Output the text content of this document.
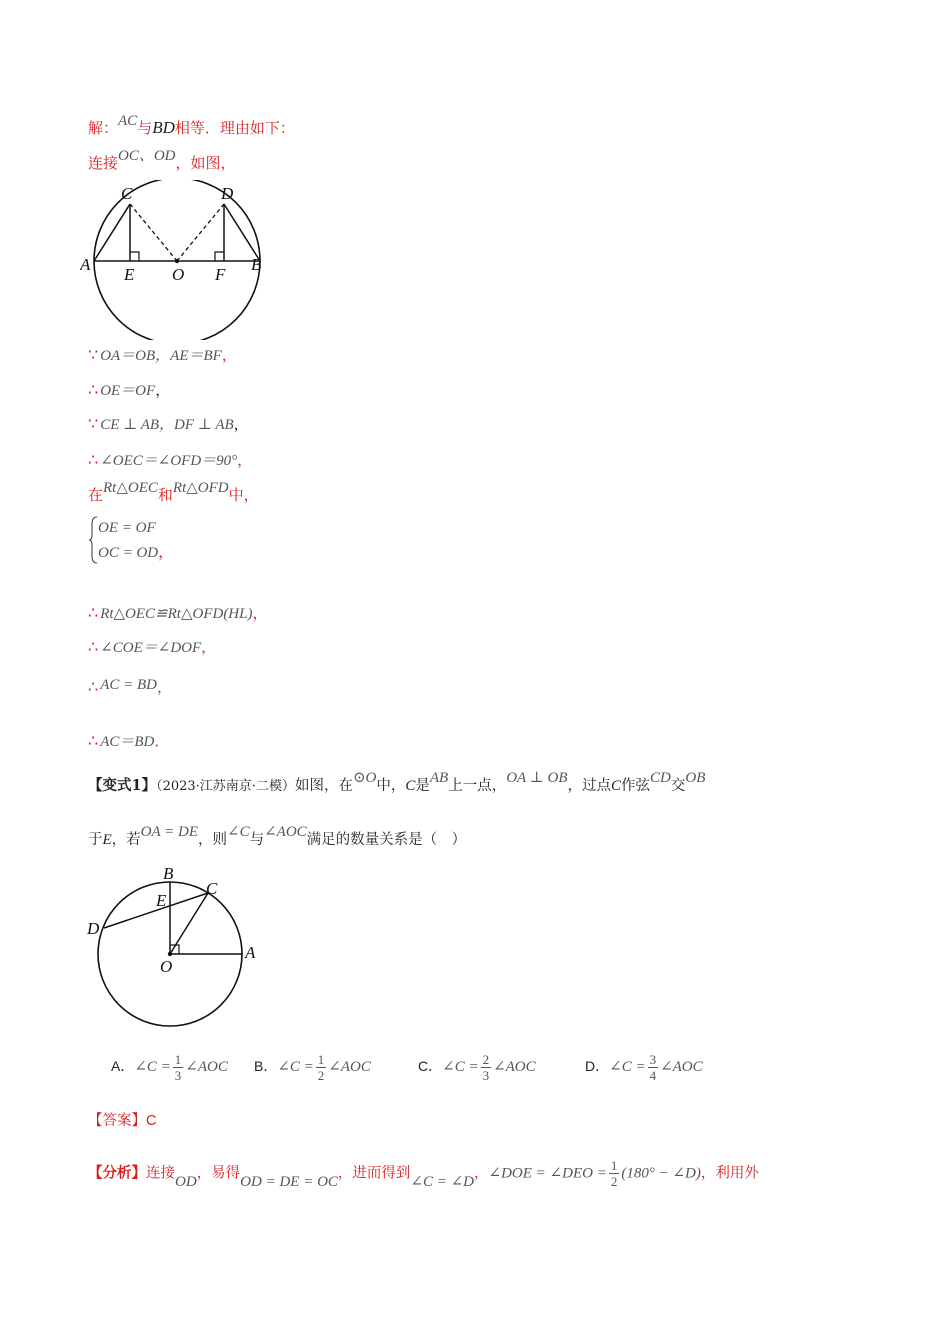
解：AC与BD相等．理由如下：
连接OC、OD，如图，
C	D
A
E O F
B
∵ OA＝OB，AE＝BF，
∴ OE＝OF，
∵ CE ⊥ AB，DF ⊥ AB，
∴ ∠OEC＝∠OFD＝90°，
在Rt△OEC和Rt△OFD中，
OE = OF
OC = OD，
∴ Rt△OEC≌Rt△OFD(HL)，
∴ ∠COE＝∠DOF，
∴ AC = BD，
∴ AC＝BD．
【变式1】（2023·江苏南京·二模）如图，在⊙O中，C是AB上一点，OA ⊥ OB，过点C作弦CD交OB
于E，若OA = DE，则∠C与∠AOC满足的数量关系是（　）
B
C
E
D
A
O
A．∠C = $\frac{1}{3}$ ∠AOC B．∠C = $\frac{1}{2}$ ∠AOC	C．∠C = $\frac{2}{3}$ ∠AOC	D．∠C = $\frac{3}{4}$ ∠AOC
【答案】C
【分析】连接OD，易得OD = DE = OC，进而得到∠C = ∠D，∠DOE = ∠DEO = $\frac{1}{2} (180^\circ$ − ∠D)，利用外
